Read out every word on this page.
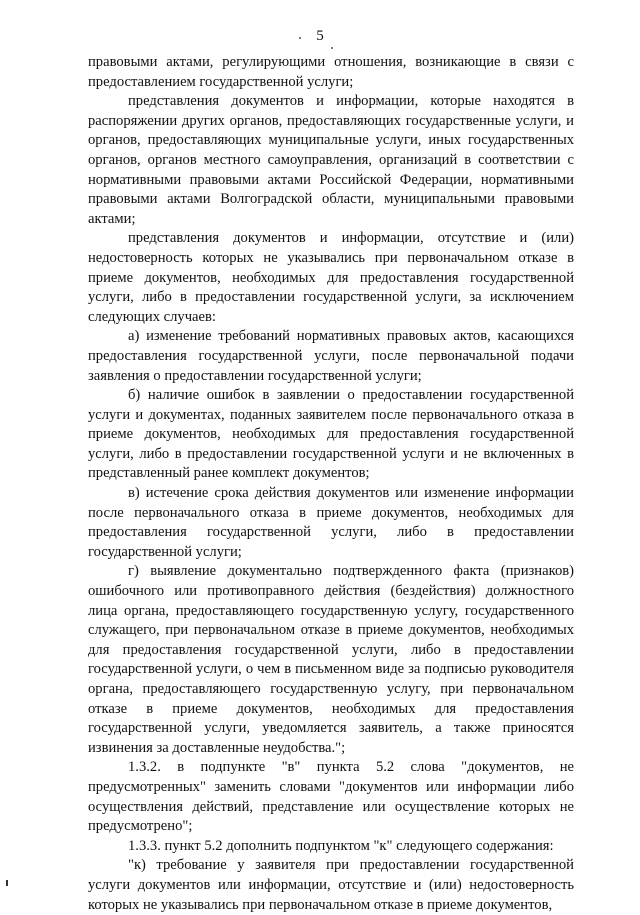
5

правовыми актами, регулирующими отношения, возникающие в связи с предоставлением государственной услуги;

представления документов и информации, которые находятся в распоряжении других органов, предоставляющих государственные услуги, и органов, предоставляющих муниципальные услуги, иных государственных органов, органов местного самоуправления, организаций в соответствии с нормативными правовыми актами Российской Федерации, нормативными правовыми актами Волгоградской области, муниципальными правовыми актами;

представления документов и информации, отсутствие и (или) недостоверность которых не указывались при первоначальном отказе в приеме документов, необходимых для предоставления государственной услуги, либо в предоставлении государственной услуги, за исключением следующих случаев:

а) изменение требований нормативных правовых актов, касающихся предоставления государственной услуги, после первоначальной подачи заявления о предоставлении государственной услуги;

б) наличие ошибок в заявлении о предоставлении государственной услуги и документах, поданных заявителем после первоначального отказа в приеме документов, необходимых для предоставления государственной услуги, либо в предоставлении государственной услуги и не включенных в представленный ранее комплект документов;

в) истечение срока действия документов или изменение информации после первоначального отказа в приеме документов, необходимых для предоставления государственной услуги, либо в предоставлении государственной услуги;

г) выявление документально подтвержденного факта (признаков) ошибочного или противоправного действия (бездействия) должностного лица органа, предоставляющего государственную услугу, государственного служащего, при первоначальном отказе в приеме документов, необходимых для предоставления государственной услуги, либо в предоставлении государственной услуги, о чем в письменном виде за подписью руководителя органа, предоставляющего государственную услугу, при первоначальном отказе в приеме документов, необходимых для предоставления государственной услуги, уведомляется заявитель, а также приносятся извинения за доставленные неудобства.";

1.3.2. в подпункте "в" пункта 5.2 слова "документов, не предусмотренных" заменить словами "документов или информации либо осуществления действий, представление или осуществление которых не предусмотрено";

1.3.3. пункт 5.2 дополнить подпунктом "к" следующего содержания:

"к) требование у заявителя при предоставлении государственной услуги документов или информации, отсутствие и (или) недостоверность которых не указывались при первоначальном отказе в приеме документов,
